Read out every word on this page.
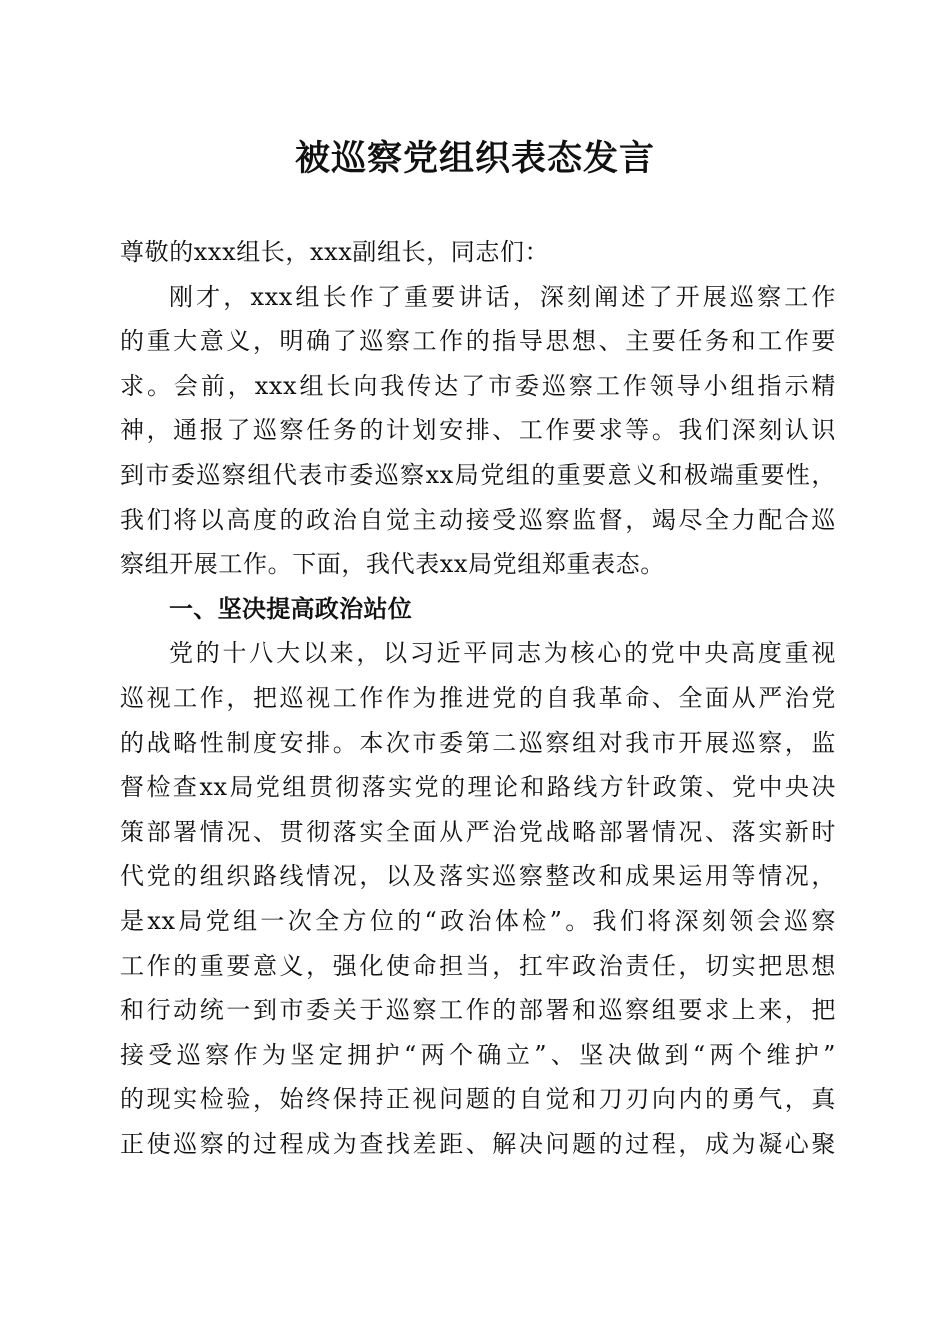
被巡察党组织表态发言
尊敬的xxx组长，xxx副组长，同志们：
刚才，xxx组长作了重要讲话，深刻阐述了开展巡察工作
的重大意义，明确了巡察工作的指导思想、主要任务和工作要
求。会前，xxx组长向我传达了市委巡察工作领导小组指示精
神，通报了巡察任务的计划安排、工作要求等。我们深刻认识
到市委巡察组代表市委巡察xx局党组的重要意义和极端重要性，
我们将以高度的政治自觉主动接受巡察监督，竭尽全力配合巡
察组开展工作。下面，我代表xx局党组郑重表态。
一、坚决提高政治站位
党的十八大以来，以习近平同志为核心的党中央高度重视
巡视工作，把巡视工作作为推进党的自我革命、全面从严治党
的战略性制度安排。本次市委第二巡察组对我市开展巡察，监
督检查xx局党组贯彻落实党的理论和路线方针政策、党中央决
策部署情况、贯彻落实全面从严治党战略部署情况、落实新时
代党的组织路线情况，以及落实巡察整改和成果运用等情况，
是xx局党组一次全方位的“政治体检”。我们将深刻领会巡察
工作的重要意义，强化使命担当，扛牢政治责任，切实把思想
和行动统一到市委关于巡察工作的部署和巡察组要求上来，把
接受巡察作为坚定拥护“两个确立”、坚决做到“两个维护”
的现实检验，始终保持正视问题的自觉和刀刃向内的勇气，真
正使巡察的过程成为查找差距、解决问题的过程，成为凝心聚
